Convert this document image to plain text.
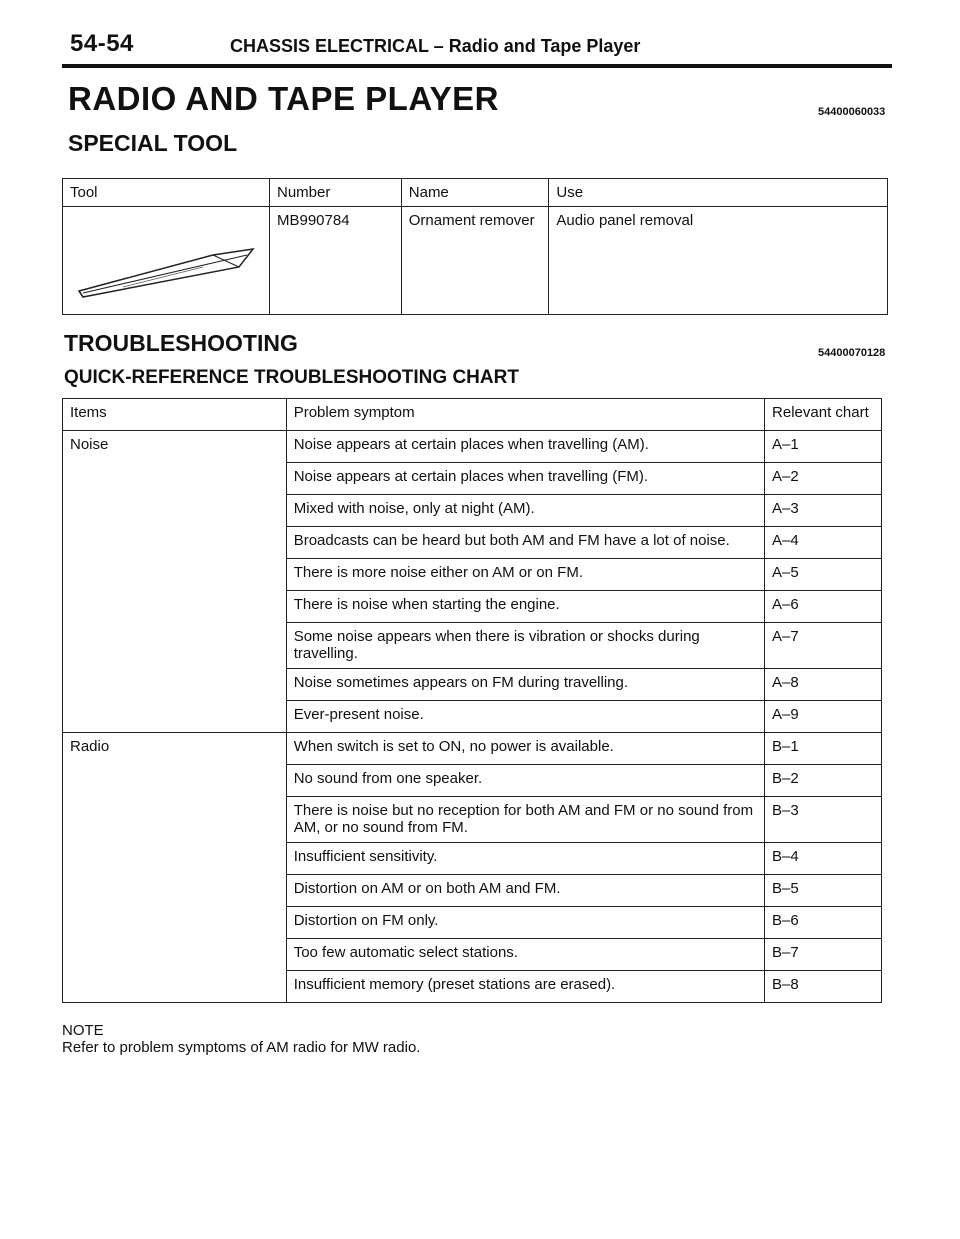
54-54	CHASSIS ELECTRICAL – Radio and Tape Player
RADIO AND TAPE PLAYER	54400060033
SPECIAL TOOL
Tool	Number	Name	Use
	MB990784	Ornament remover	Audio panel removal
TROUBLESHOOTING	54400070128
QUICK-REFERENCE TROUBLESHOOTING CHART
Items	Problem symptom	Relevant chart
Noise	Noise appears at certain places when travelling (AM).	A–1
	Noise appears at certain places when travelling (FM).	A–2
	Mixed with noise, only at night (AM).	A–3
	Broadcasts can be heard but both AM and FM have a lot of noise.	A–4
	There is more noise either on AM or on FM.	A–5
	There is noise when starting the engine.	A–6
	Some noise appears when there is vibration or shocks during travelling.	A–7
	Noise sometimes appears on FM during travelling.	A–8
	Ever-present noise.	A–9
Radio	When switch is set to ON, no power is available.	B–1
	No sound from one speaker.	B–2
	There is noise but no reception for both AM and FM or no sound from AM, or no sound from FM.	B–3
	Insufficient sensitivity.	B–4
	Distortion on AM or on both AM and FM.	B–5
	Distortion on FM only.	B–6
	Too few automatic select stations.	B–7
	Insufficient memory (preset stations are erased).	B–8
NOTE
Refer to problem symptoms of AM radio for MW radio.
